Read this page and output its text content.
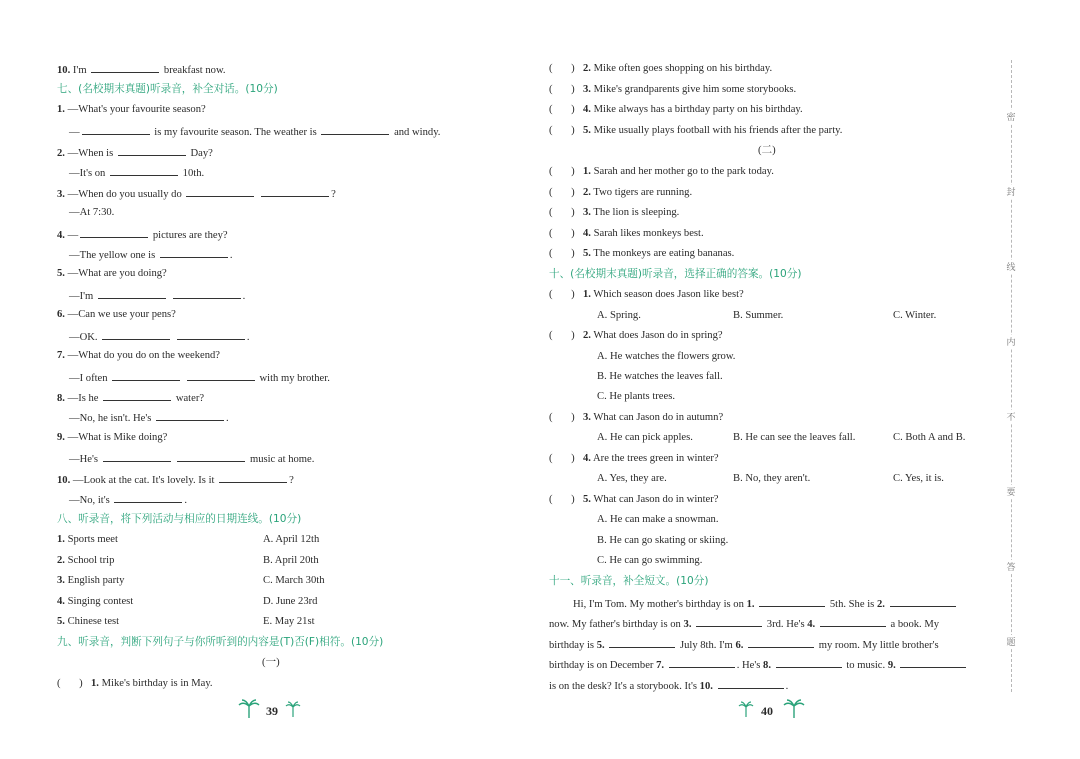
10. I'm	breakfast now.
七、(名校期末真题)听录音，补全对话。(10分)
1. —What's your favourite season?
—	is my favourite season. The weather is	and windy.
2. —When is	Day?
—It's on	10th.
3. —When do you usually do	?
—At 7:30.
4. —	pictures are they?
—The yellow one is	.
5. —What are you doing?
—I'm	.
6. —Can we use your pens?
—OK.	.
7. —What do you do on the weekend?
—I often	with my brother.
8. —Is he	water?
—No, he isn't. He's	.
9. —What is Mike doing?
—He's	music at home.
10. —Look at the cat. It's lovely. Is it	?
—No, it's	.
八、听录音，将下列活动与相应的日期连线。(10分)
1. Sports meet	A. April 12th
2. School trip	B. April 20th
3. English party	C. March 30th
4. Singing contest	D. June 23rd
5. Chinese test	E. May 21st
九、听录音，判断下列句子与你所听到的内容是(T)否(F)相符。(10分)
(一)
(       ) 1. Mike's birthday is in May.
39
(       ) 2. Mike often goes shopping on his birthday.
(       ) 3. Mike's grandparents give him some storybooks.
(       ) 4. Mike always has a birthday party on his birthday.
(       ) 5. Mike usually plays football with his friends after the party.
(二)
(       ) 1. Sarah and her mother go to the park today.
(       ) 2. Two tigers are running.
(       ) 3. The lion is sleeping.
(       ) 4. Sarah likes monkeys best.
(       ) 5. The monkeys are eating bananas.
十、(名校期末真题)听录音，选择正确的答案。(10分)
(       ) 1. Which season does Jason like best?
A. Spring.	B. Summer.	C. Winter.
(       ) 2. What does Jason do in spring?
A. He watches the flowers grow.
B. He watches the leaves fall.
C. He plants trees.
(       ) 3. What can Jason do in autumn?
A. He can pick apples.	B. He can see the leaves fall.	C. Both A and B.
(       ) 4. Are the trees green in winter?
A. Yes, they are.	B. No, they aren't.	C. Yes, it is.
(       ) 5. What can Jason do in winter?
A. He can make a snowman.
B. He can go skating or skiing.
C. He can go swimming.
十一、听录音，补全短文。(10分)
Hi, I'm Tom. My mother's birthday is on 1.	5th. She is 2.
now. My father's birthday is on 3.	3rd. He's 4.	a book. My
birthday is 5.	July 8th. I'm 6.	my room. My little brother's
birthday is on December 7.	. He's 8.	to music. 9.
is on the desk? It's a storybook. It's 10.	.
40
密
封
线
内
不
要
答
题
